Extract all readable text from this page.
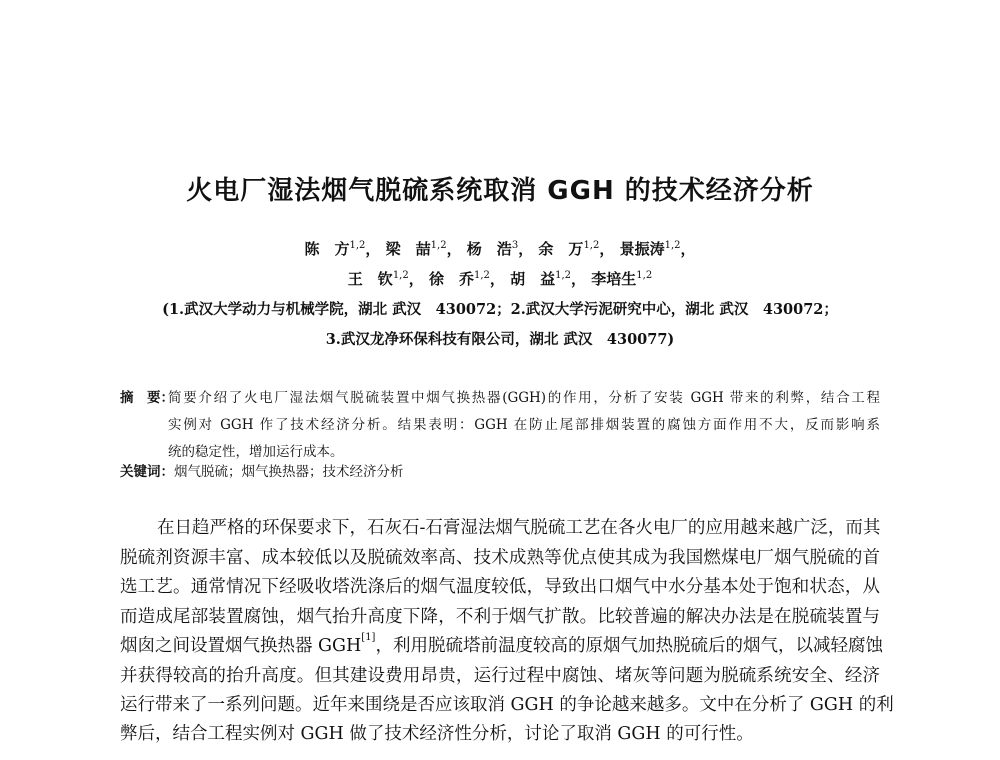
火电厂湿法烟气脱硫系统取消 GGH 的技术经济分析
陈　方$^{1,2}$， 梁　喆$^{1,2}$， 杨　浩$^3$， 余　万$^{1,2}$， 景振涛$^{1,2}$，
王　钦$^{1,2}$， 徐　乔$^{1,2}$， 胡　益$^{1,2}$， 李培生$^{1,2}$
(1.武汉大学动力与机械学院，湖北 武汉　430072；2.武汉大学污泥研究中心，湖北 武汉　430072；
3.武汉龙净环保科技有限公司，湖北 武汉　430077)
摘　要：
简要介绍了火电厂湿法烟气脱硫装置中烟气换热器(GGH)的作用，分析了安装 GGH 带来的利弊，结合工程
实例对 GGH 作了技术经济分析。结果表明：GGH 在防止尾部排烟装置的腐蚀方面作用不大，反而影响系
统的稳定性，增加运行成本。
关键词：烟气脱硫；烟气换热器；技术经济分析
在日趋严格的环保要求下，石灰石-石膏湿法烟气脱硫工艺在各火电厂的应用越来越广泛，而其
脱硫剂资源丰富、成本较低以及脱硫效率高、技术成熟等优点使其成为我国燃煤电厂烟气脱硫的首
选工艺。通常情况下经吸收塔洗涤后的烟气温度较低，导致出口烟气中水分基本处于饱和状态，从
而造成尾部装置腐蚀，烟气抬升高度下降，不利于烟气扩散。比较普遍的解决办法是在脱硫装置与
烟囱之间设置烟气换热器 GGH [1] ，利用脱硫塔前温度较高的原烟气加热脱硫后的烟气，以减轻腐蚀
并获得较高的抬升高度。但其建设费用昂贵，运行过程中腐蚀、堵灰等问题为脱硫系统安全、经济
运行带来了一系列问题。近年来围绕是否应该取消 GGH 的争论越来越多。文中在分析了 GGH 的利
弊后，结合工程实例对 GGH 做了技术经济性分析，讨论了取消 GGH 的可行性。
